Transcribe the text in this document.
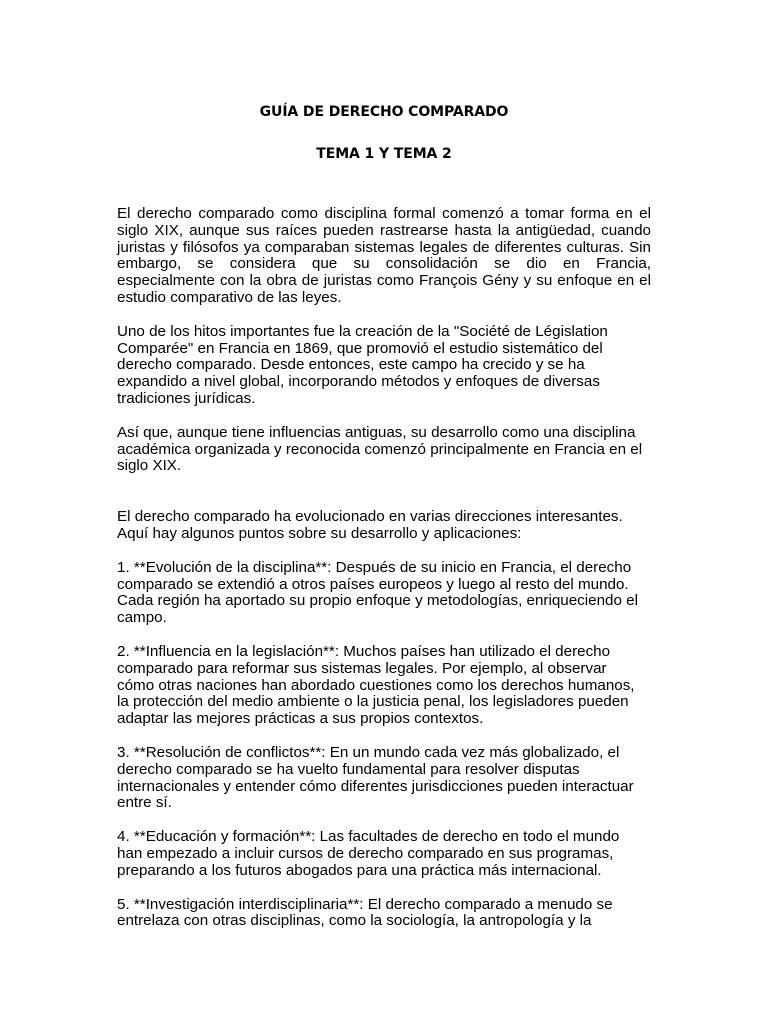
GUÍA DE DERECHO COMPARADO
TEMA 1 Y TEMA 2

El derecho comparado como disciplina formal comenzó a tomar forma en el
siglo XIX, aunque sus raíces pueden rastrearse hasta la antigüedad, cuando
juristas y filósofos ya comparaban sistemas legales de diferentes culturas. Sin
embargo, se considera que su consolidación se dio en Francia,
especialmente con la obra de juristas como François Gény y su enfoque en el
estudio comparativo de las leyes.

Uno de los hitos importantes fue la creación de la "Société de Législation
Comparée" en Francia en 1869, que promovió el estudio sistemático del
derecho comparado. Desde entonces, este campo ha crecido y se ha
expandido a nivel global, incorporando métodos y enfoques de diversas
tradiciones jurídicas.

Así que, aunque tiene influencias antiguas, su desarrollo como una disciplina
académica organizada y reconocida comenzó principalmente en Francia en el
siglo XIX.

El derecho comparado ha evolucionado en varias direcciones interesantes.
Aquí hay algunos puntos sobre su desarrollo y aplicaciones:

1. **Evolución de la disciplina**: Después de su inicio en Francia, el derecho
comparado se extendió a otros países europeos y luego al resto del mundo.
Cada región ha aportado su propio enfoque y metodologías, enriqueciendo el
campo.

2. **Influencia en la legislación**: Muchos países han utilizado el derecho
comparado para reformar sus sistemas legales. Por ejemplo, al observar
cómo otras naciones han abordado cuestiones como los derechos humanos,
la protección del medio ambiente o la justicia penal, los legisladores pueden
adaptar las mejores prácticas a sus propios contextos.

3. **Resolución de conflictos**: En un mundo cada vez más globalizado, el
derecho comparado se ha vuelto fundamental para resolver disputas
internacionales y entender cómo diferentes jurisdicciones pueden interactuar
entre sí.

4. **Educación y formación**: Las facultades de derecho en todo el mundo
han empezado a incluir cursos de derecho comparado en sus programas,
preparando a los futuros abogados para una práctica más internacional.

5. **Investigación interdisciplinaria**: El derecho comparado a menudo se
entrelaza con otras disciplinas, como la sociología, la antropología y la
